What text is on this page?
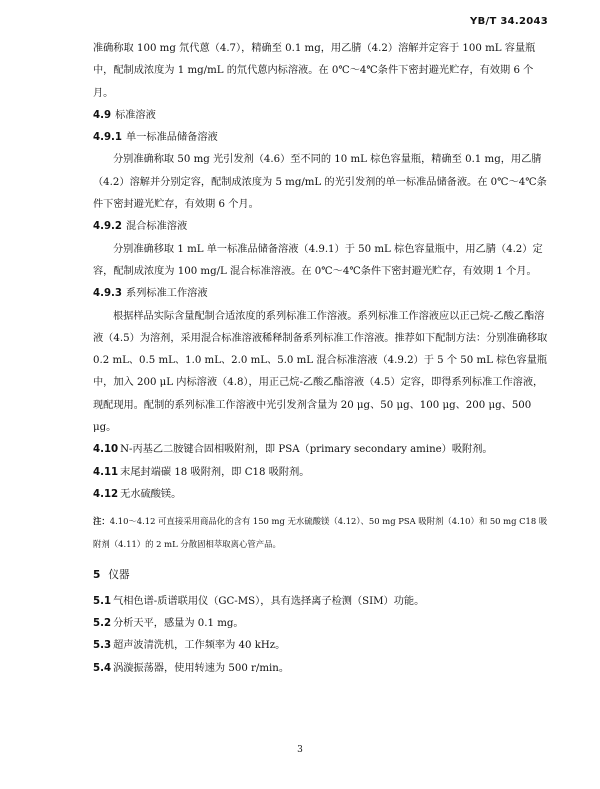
YB/T 34.2043

准确称取 100 mg 氘代蒽（4.7），精确至 0.1 mg，用乙腈（4.2）溶解并定容于 100 mL 容量瓶中，配制成浓度为 1 mg/mL 的氘代蒽内标溶液。在 0℃～4℃条件下密封避光贮存，有效期 6 个月。

4.9 标准溶液
4.9.1 单一标准品储备溶液

分别准确称取 50 mg 光引发剂（4.6）至不同的 10 mL 棕色容量瓶，精确至 0.1 mg，用乙腈（4.2）溶解并分别定容，配制成浓度为 5 mg/mL 的光引发剂的单一标准品储备液。在 0℃～4℃条件下密封避光贮存，有效期 6 个月。

4.9.2 混合标准溶液

分别准确移取 1 mL 单一标准品储备溶液（4.9.1）于 50 mL 棕色容量瓶中，用乙腈（4.2）定容，配制成浓度为 100 mg/L 混合标准溶液。在 0℃～4℃条件下密封避光贮存，有效期 1 个月。

4.9.3 系列标准工作溶液

根据样品实际含量配制合适浓度的系列标准工作溶液。系列标准工作溶液应以正己烷-乙酸乙酯溶液（4.5）为溶剂，采用混合标准溶液稀释制备系列标准工作溶液。推荐如下配制方法：分别准确移取 0.2 mL、0.5 mL、1.0 mL、2.0 mL、5.0 mL 混合标准溶液（4.9.2）于 5 个 50 mL 棕色容量瓶中，加入 200 μL 内标溶液（4.8），用正己烷-乙酸乙酯溶液（4.5）定容，即得系列标准工作溶液，现配现用。配制的系列标准工作溶液中光引发剂含量为 20 μg、50 μg、100 μg、200 μg、500 μg。

4.10 N-丙基乙二胺键合固相吸附剂，即 PSA（primary secondary amine）吸附剂。

4.11 末尾封端碳 18 吸附剂，即 C18 吸附剂。

4.12 无水硫酸镁。

注：4.10～4.12 可直接采用商品化的含有 150 mg 无水硫酸镁（4.12）、50 mg PSA 吸附剂（4.10）和 50 mg C18 吸附剂（4.11）的 2 mL 分散固相萃取离心管产品。

5 仪器

5.1 气相色谱-质谱联用仪（GC-MS），具有选择离子检测（SIM）功能。

5.2 分析天平，感量为 0.1 mg。

5.3 超声波清洗机，工作频率为 40 kHz。

5.4 涡漩振荡器，使用转速为 500 r/min。

3
